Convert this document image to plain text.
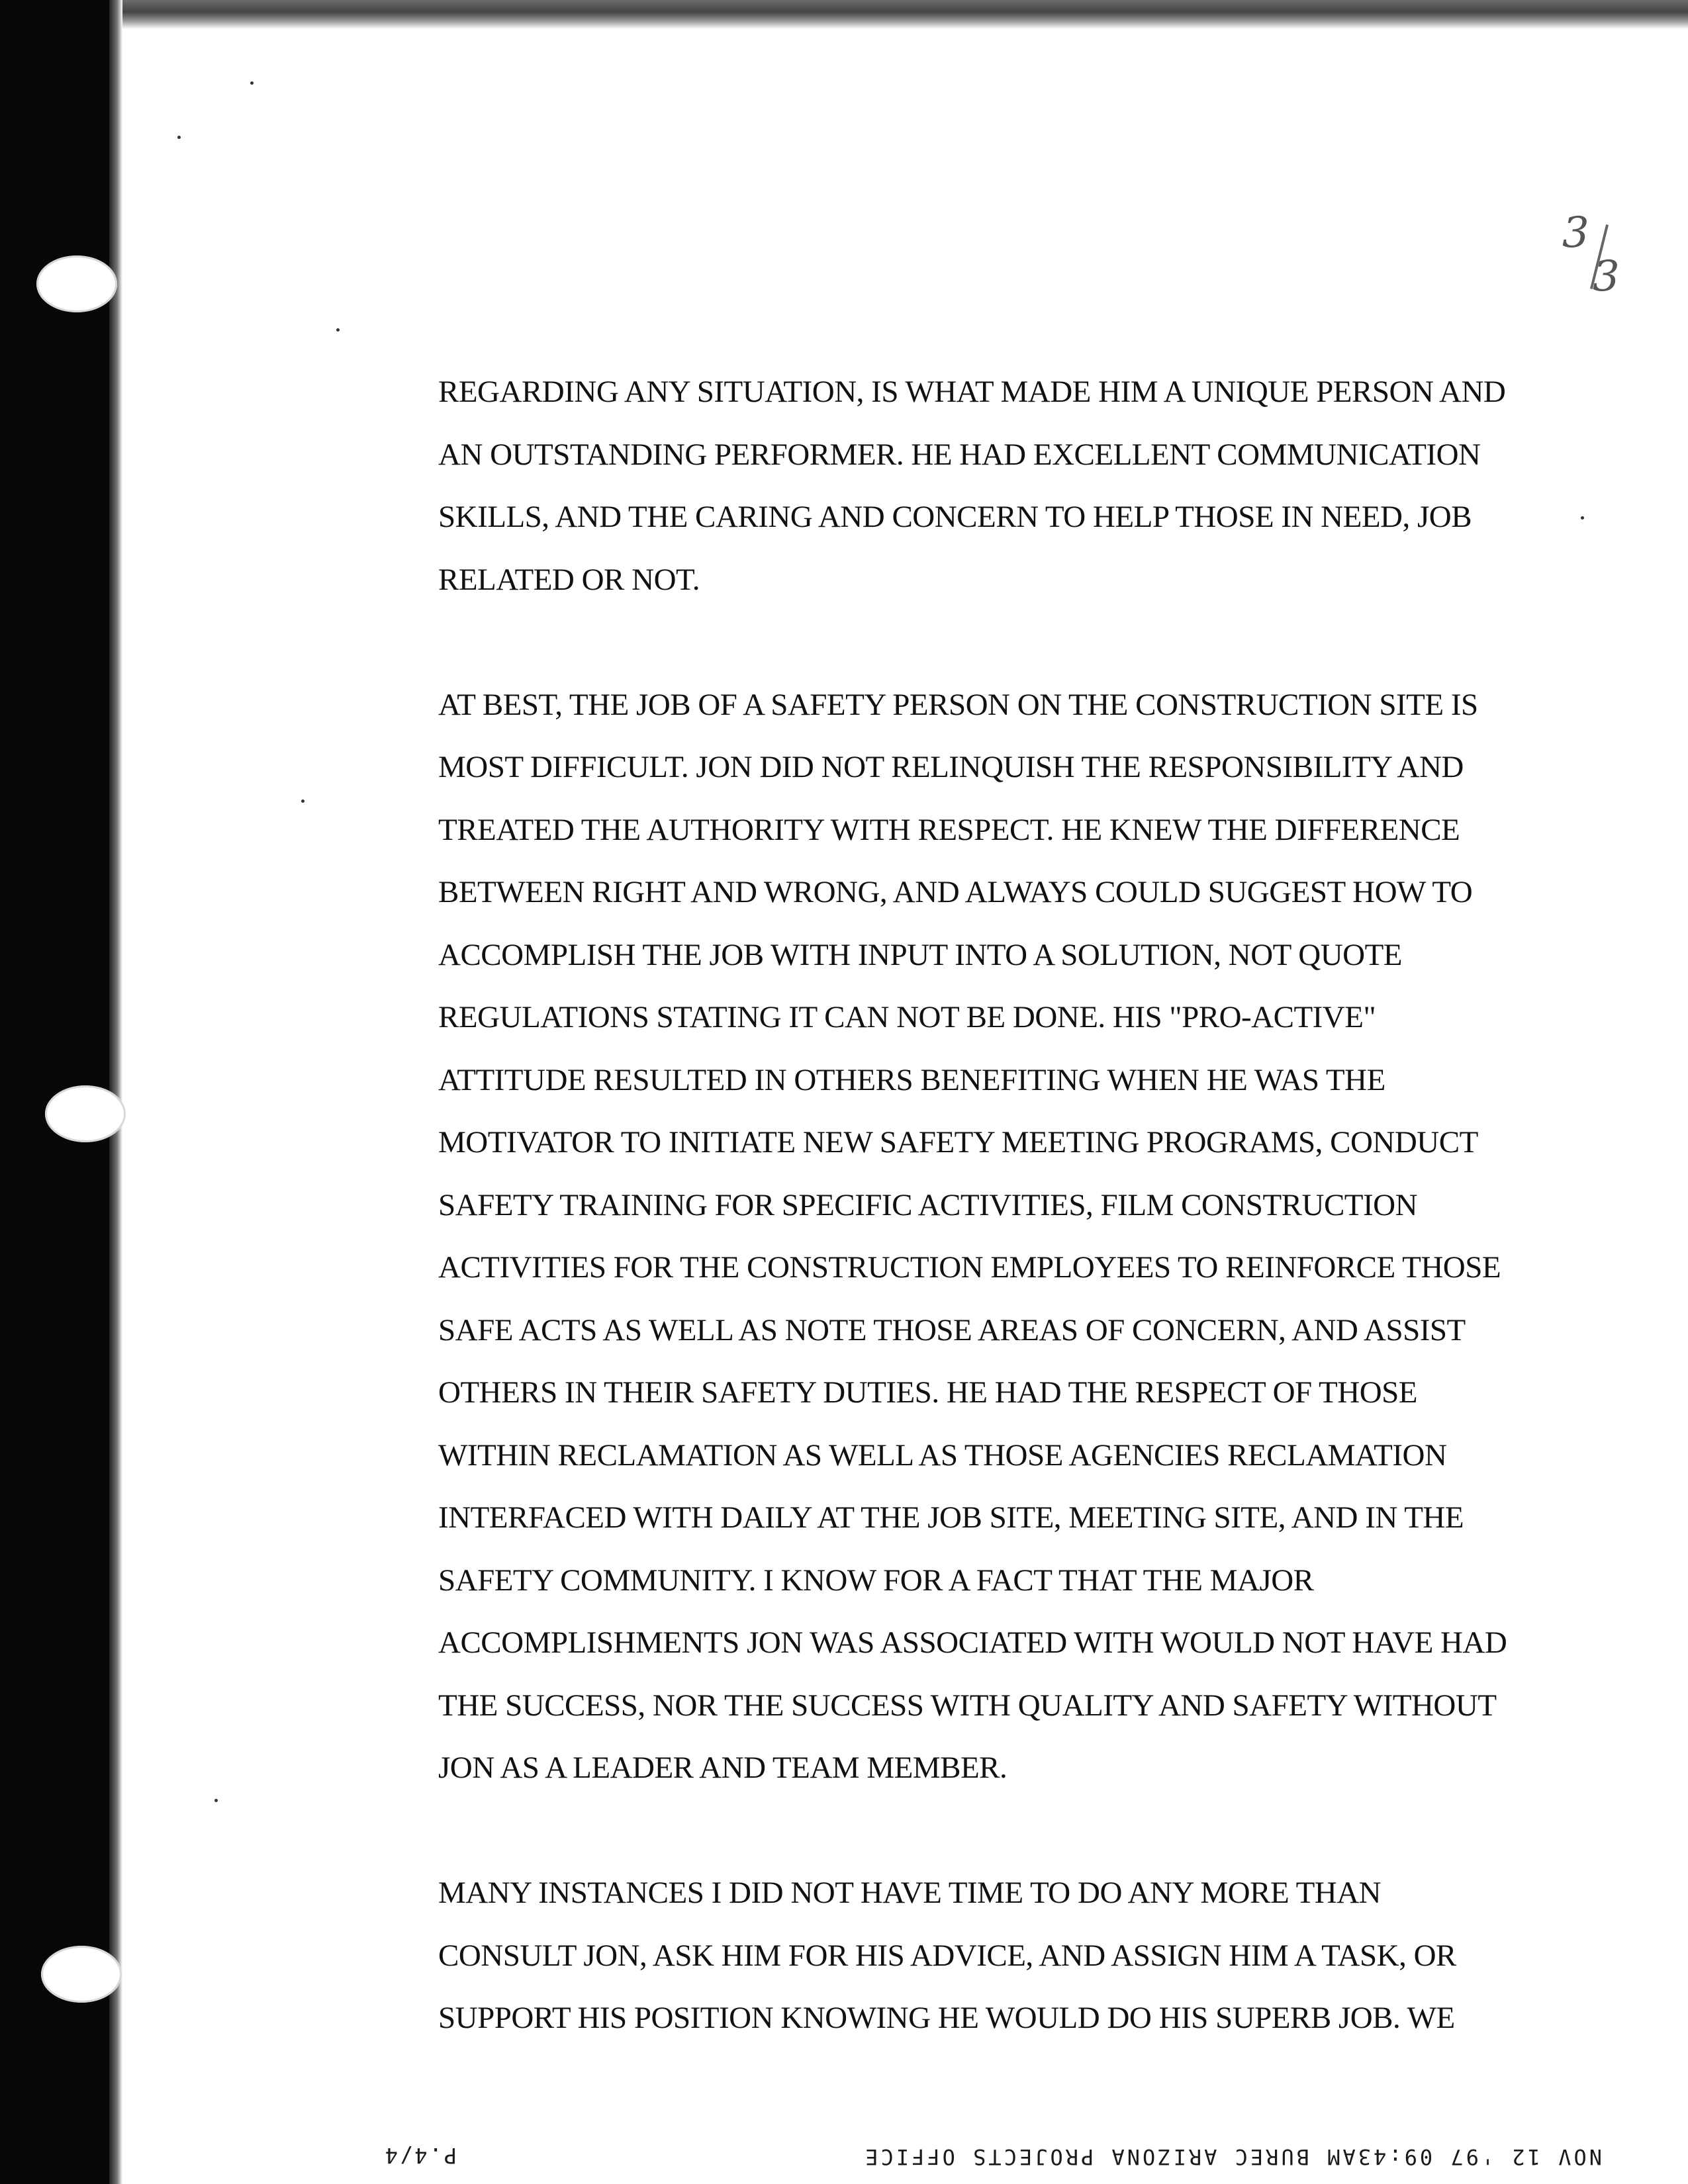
3
3

REGARDING ANY SITUATION, IS WHAT MADE HIM A UNIQUE PERSON AND
AN OUTSTANDING PERFORMER. HE HAD EXCELLENT COMMUNICATION
SKILLS, AND THE CARING AND CONCERN TO HELP THOSE IN NEED, JOB
RELATED OR NOT.

AT BEST, THE JOB OF A SAFETY PERSON ON THE CONSTRUCTION SITE IS
MOST DIFFICULT. JON DID NOT RELINQUISH THE RESPONSIBILITY AND
TREATED THE AUTHORITY WITH RESPECT. HE KNEW THE DIFFERENCE
BETWEEN RIGHT AND WRONG, AND ALWAYS COULD SUGGEST HOW TO
ACCOMPLISH THE JOB WITH INPUT INTO A SOLUTION, NOT QUOTE
REGULATIONS STATING IT CAN NOT BE DONE. HIS "PRO-ACTIVE"
ATTITUDE RESULTED IN OTHERS BENEFITING WHEN HE WAS THE
MOTIVATOR TO INITIATE NEW SAFETY MEETING PROGRAMS, CONDUCT
SAFETY TRAINING FOR SPECIFIC ACTIVITIES, FILM CONSTRUCTION
ACTIVITIES FOR THE CONSTRUCTION EMPLOYEES TO REINFORCE THOSE
SAFE ACTS AS WELL AS NOTE THOSE AREAS OF CONCERN, AND ASSIST
OTHERS IN THEIR SAFETY DUTIES. HE HAD THE RESPECT OF THOSE
WITHIN RECLAMATION AS WELL AS THOSE AGENCIES RECLAMATION
INTERFACED WITH DAILY AT THE JOB SITE, MEETING SITE, AND IN THE
SAFETY COMMUNITY. I KNOW FOR A FACT THAT THE MAJOR
ACCOMPLISHMENTS JON WAS ASSOCIATED WITH WOULD NOT HAVE HAD
THE SUCCESS, NOR THE SUCCESS WITH QUALITY AND SAFETY WITHOUT
JON AS A LEADER AND TEAM MEMBER.

MANY INSTANCES I DID NOT HAVE TIME TO DO ANY MORE THAN
CONSULT JON, ASK HIM FOR HIS ADVICE, AND ASSIGN HIM A TASK, OR
SUPPORT HIS POSITION KNOWING HE WOULD DO HIS SUPERB JOB. WE

NOV 12 '97 09:43AM BUREC ARIZONA PROJECTS OFFICE
P.4/4
